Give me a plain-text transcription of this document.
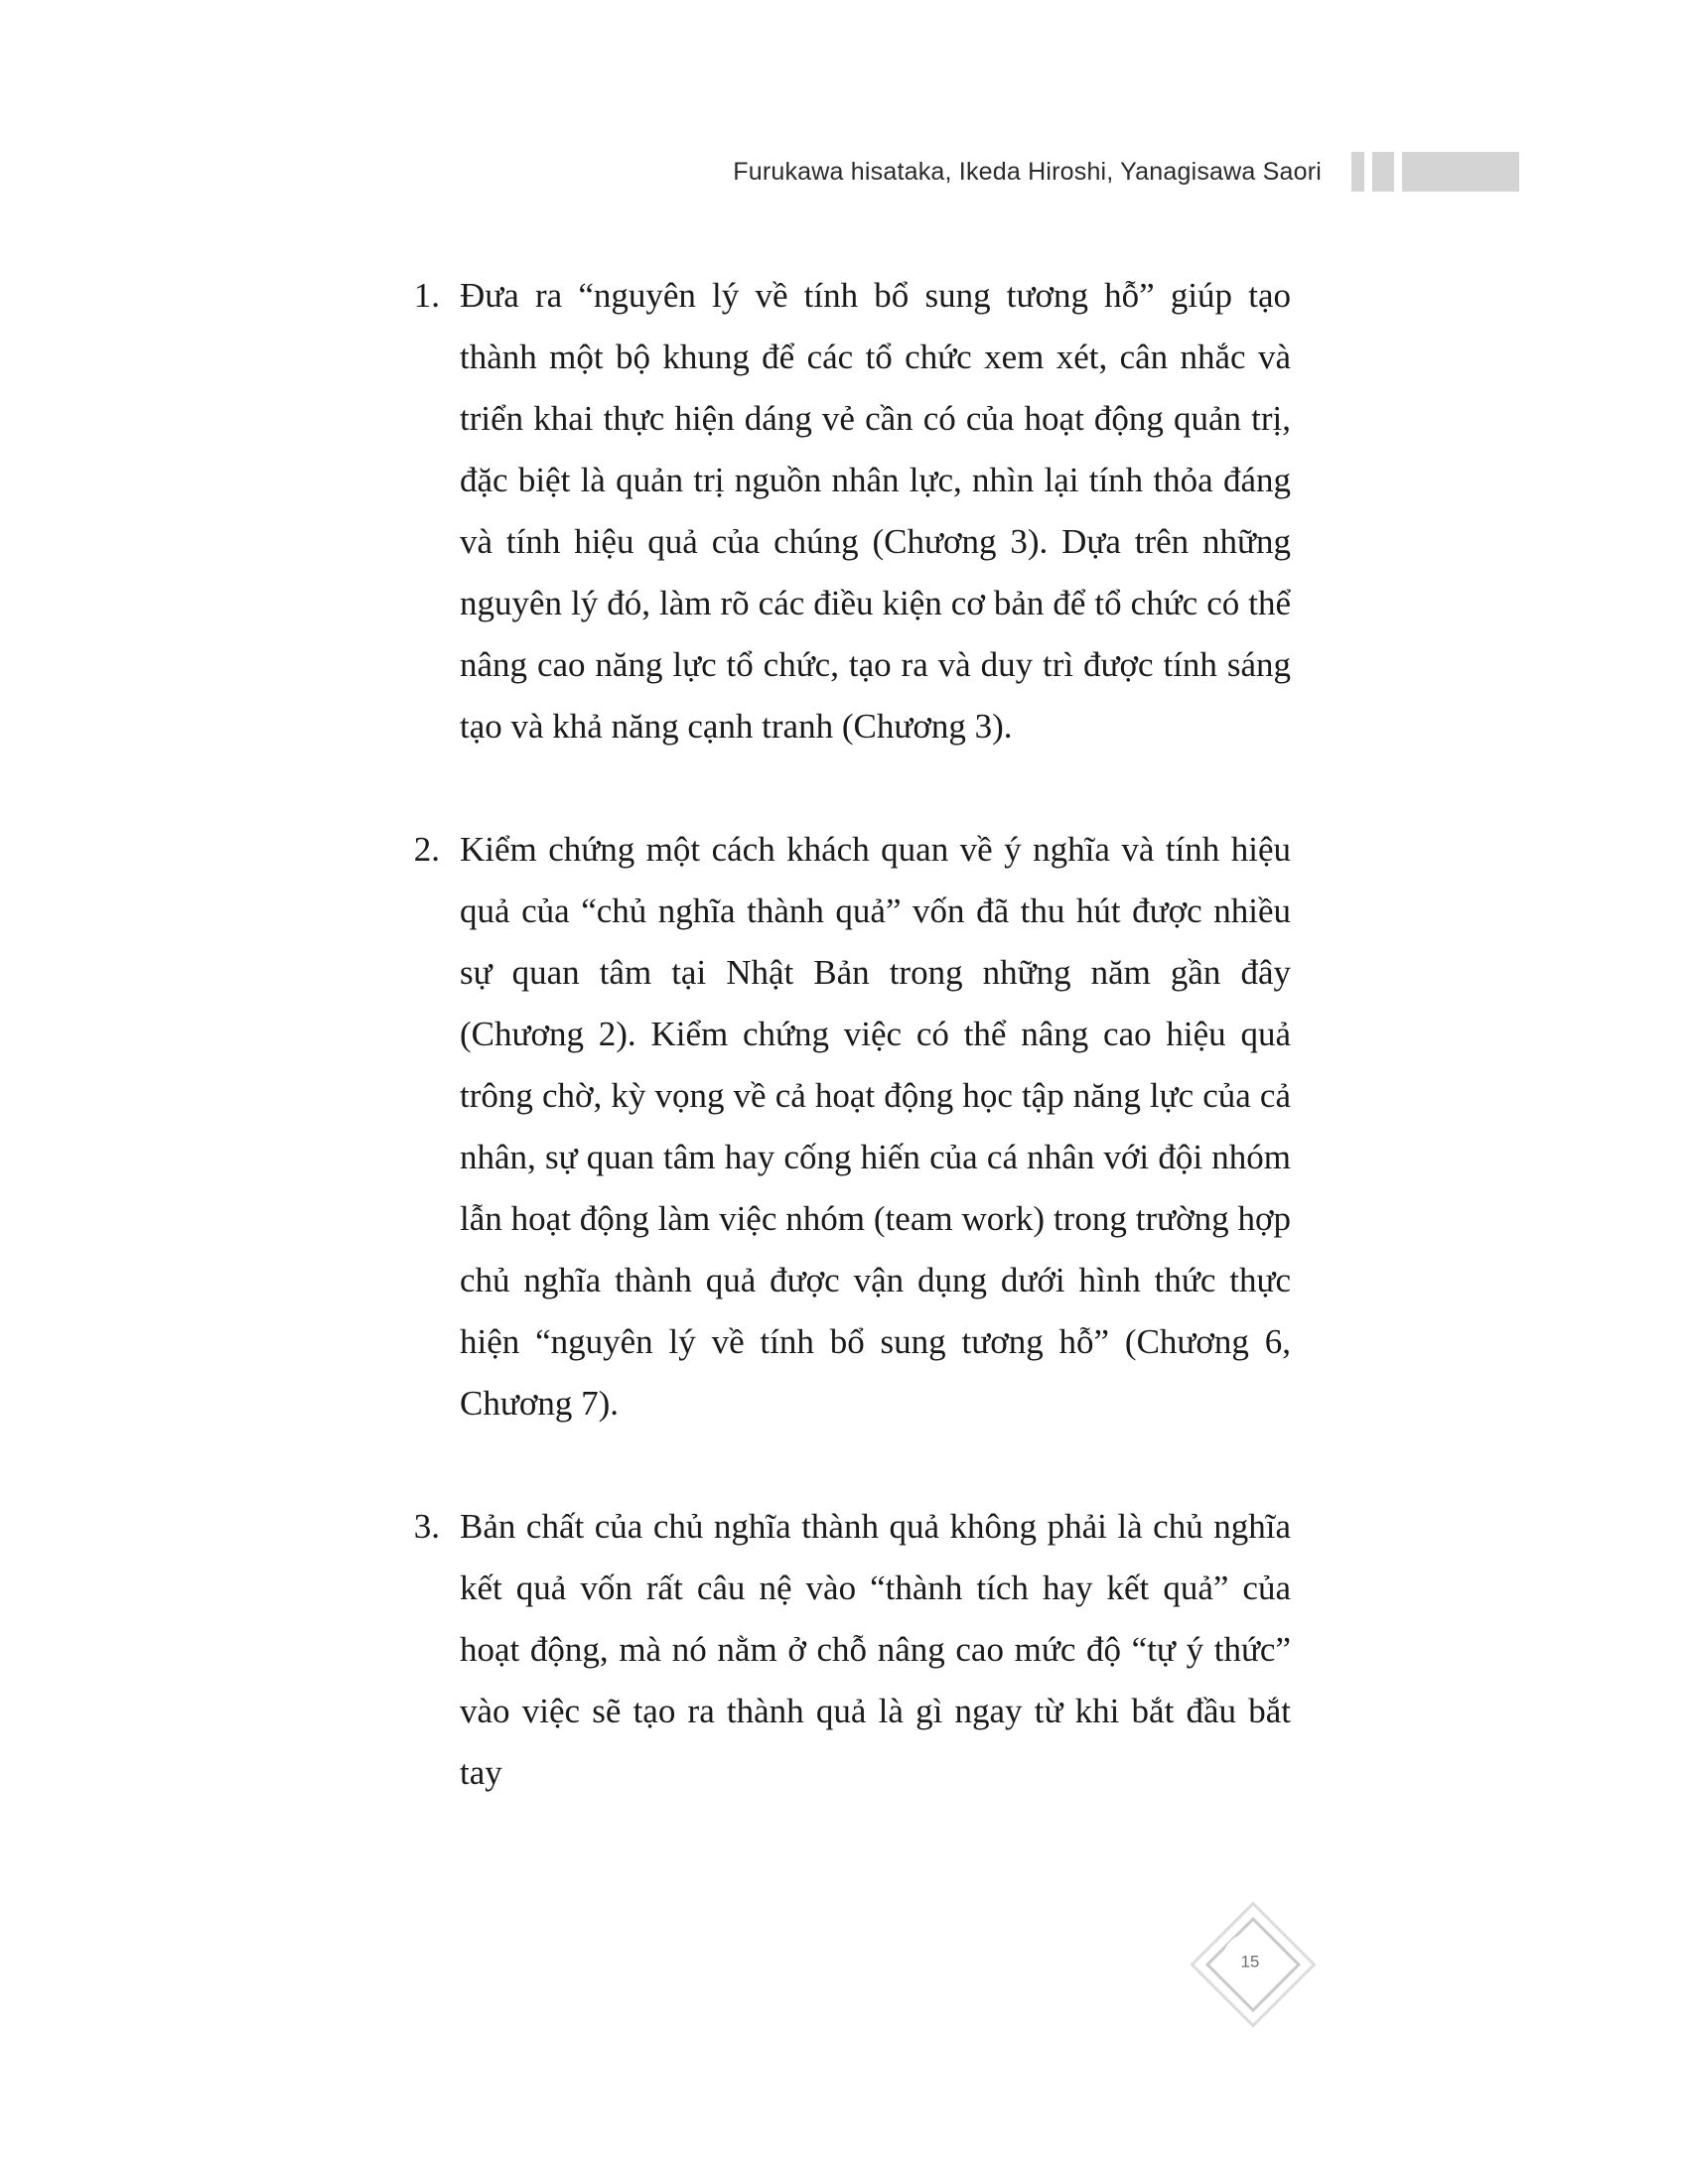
Furukawa hisataka, Ikeda Hiroshi, Yanagisawa Saori
1. Đưa ra “nguyên lý về tính bổ sung tương hỗ” giúp tạo thành một bộ khung để các tổ chức xem xét, cân nhắc và triển khai thực hiện dáng vẻ cần có của hoạt động quản trị, đặc biệt là quản trị nguồn nhân lực, nhìn lại tính thỏa đáng và tính hiệu quả của chúng (Chương 3). Dựa trên những nguyên lý đó, làm rõ các điều kiện cơ bản để tổ chức có thể nâng cao năng lực tổ chức, tạo ra và duy trì được tính sáng tạo và khả năng cạnh tranh (Chương 3).

2. Kiểm chứng một cách khách quan về ý nghĩa và tính hiệu quả của “chủ nghĩa thành quả” vốn đã thu hút được nhiều sự quan tâm tại Nhật Bản trong những năm gần đây (Chương 2). Kiểm chứng việc có thể nâng cao hiệu quả trông chờ, kỳ vọng về cả hoạt động học tập năng lực của cả nhân, sự quan tâm hay cống hiến của cá nhân với đội nhóm lẫn hoạt động làm việc nhóm (team work) trong trường hợp chủ nghĩa thành quả được vận dụng dưới hình thức thực hiện “nguyên lý về tính bổ sung tương hỗ” (Chương 6, Chương 7).

3. Bản chất của chủ nghĩa thành quả không phải là chủ nghĩa kết quả vốn rất câu nệ vào “thành tích hay kết quả” của hoạt động, mà nó nằm ở chỗ nâng cao mức độ “tự ý thức” vào việc sẽ tạo ra thành quả là gì ngay từ khi bắt đầu bắt tay

15
